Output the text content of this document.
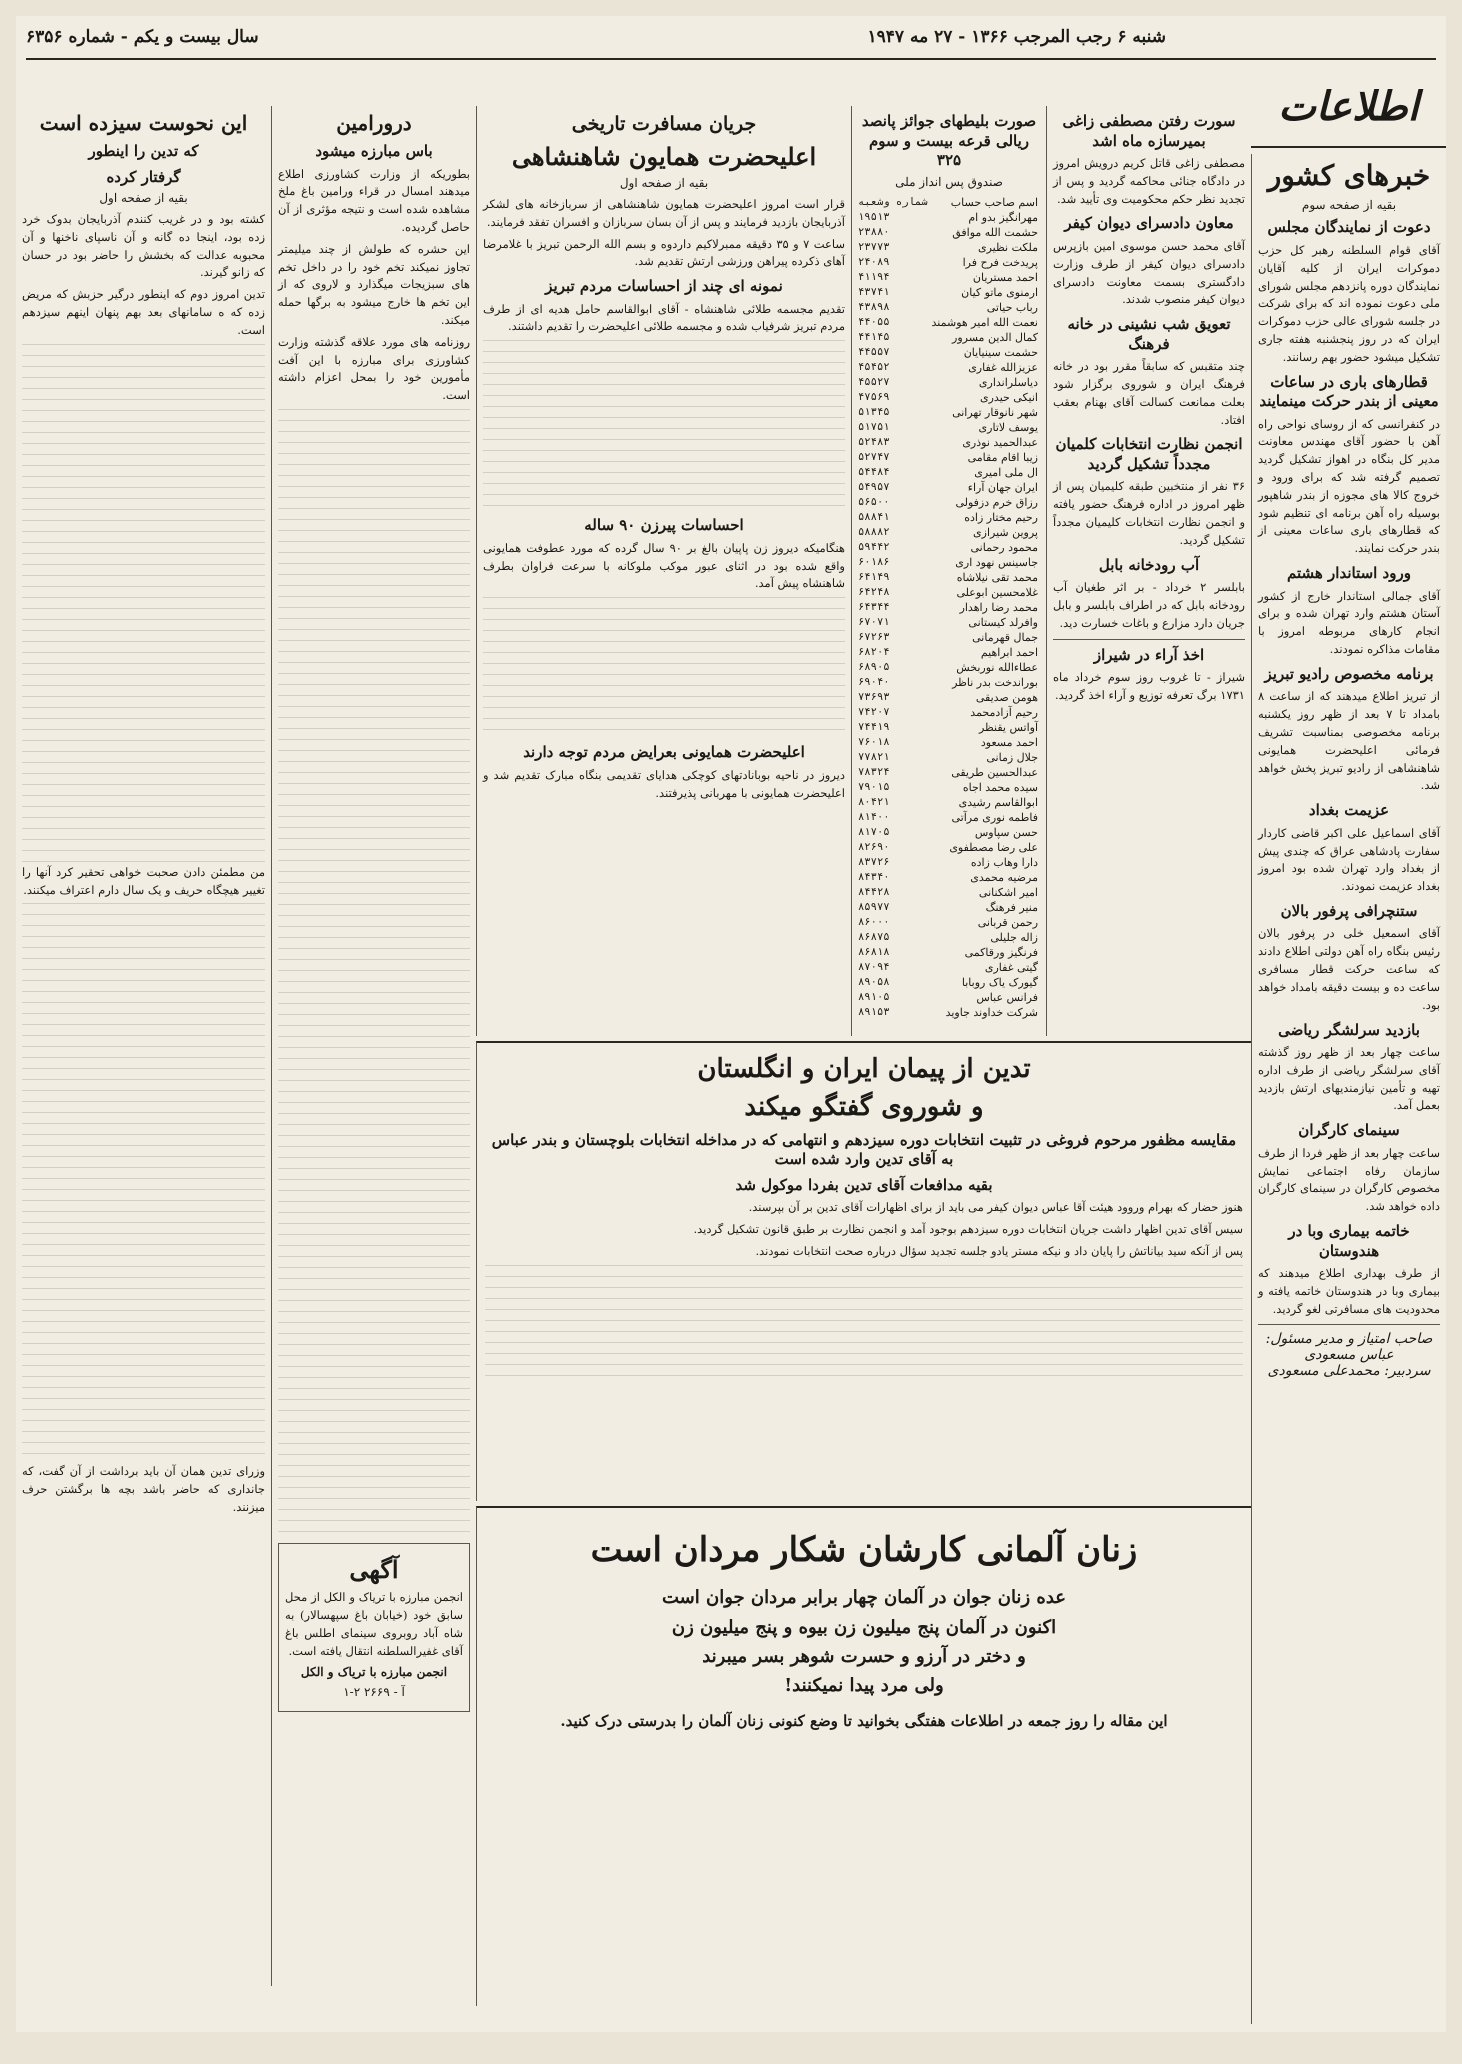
شنبه ۶ رجب المرجب ۱۳۶۶ - ۲۷ مه ۱۹۴۷
سال بیست و یکم - شماره ۶۳۵۶
اطلاعات
خبرهای کشور
بقیه از صفحه سوم
دعوت از نمایندگان مجلس

آقای قوام السلطنه رهبر کل حزب دموکرات ایران از کلیه آقایان نمایندگان دوره پانزدهم مجلس شورای ملی دعوت نموده اند که برای شرکت در جلسه شورای عالی حزب دموکرات ایران که در روز پنجشنبه هفته جاری تشکیل میشود حضور بهم رسانند.

قطارهای باری در ساعات معینی از بندر حرکت مینمایند

در کنفرانسی که از روسای نواحی راه آهن با حضور آقای مهندس معاونت مدیر کل بنگاه در اهواز تشکیل گردید تصمیم گرفته شد که برای ورود و خروج کالا های مجوزه از بندر شاهپور بوسیله راه آهن برنامه ای تنظیم شود که قطارهای باری ساعات معینی از بندر حرکت نمایند.

ورود استاندار هشتم

آقای جمالی استاندار خارج از کشور آستان هشتم وارد تهران شده و برای انجام کارهای مربوطه امروز با مقامات مذاکره نمودند.

برنامه مخصوص رادیو تبریز

از تبریز اطلاع میدهند که از ساعت ۸ بامداد تا ۷ بعد از ظهر روز یکشنبه برنامه مخصوصی بمناسبت تشریف فرمائی اعلیحضرت همایونی شاهنشاهی از رادیو تبریز پخش خواهد شد.

عزیمت بغداد

آقای اسماعیل علی اکبر قاضی کاردار سفارت پادشاهی عراق که چندی پیش از بغداد وارد تهران شده بود امروز بغداد عزیمت نمودند.

ستنچرافی پرفور بالان

آقای اسمعیل خلی در پرفور بالان رئیس بنگاه راه آهن دولتی اطلاع دادند که ساعت حرکت قطار مسافری ساعت ده و بیست دقیقه بامداد خواهد بود.

بازدید سرلشگر ریاضی

ساعت چهار بعد از ظهر روز گذشته آقای سرلشگر ریاضی از طرف اداره تهیه و تأمین نیازمندیهای ارتش بازدید بعمل آمد.

سینمای کارگران

ساعت چهار بعد از ظهر فردا از طرف سازمان رفاه اجتماعی نمایش مخصوص کارگران در سینمای کارگران داده خواهد شد.

خاتمه بیماری وبا در هندوستان

از طرف بهداری اطلاع میدهند که بیماری وبا در هندوستان خاتمه یافته و محدودیت های مسافرتی لغو گردید.

صاحب امتیاز و مدیر مسئول: عباس مسعودی
سردبیر: محمدعلی مسعودی
سورت رفتن مصطفی زاغی بمیرسازه ماه اشد

مصطفی زاغی قاتل کریم درویش امروز در دادگاه جنائی محاکمه گردید و پس از تجدید نظر حکم محکومیت وی تأیید شد.

معاون دادسرای دیوان کیفر

آقای محمد حسن موسوی امین بازپرس دادسرای دیوان کیفر از طرف وزارت دادگستری بسمت معاونت دادسرای دیوان کیفر منصوب شدند.

تعویق شب نشینی در خانه فرهنگ

چند متقبس که سابقاً مقرر بود در خانه فرهنگ ایران و شوروی برگزار شود بعلت ممانعت کسالت آقای بهنام بعقب افتاد.

انجمن نظارت انتخابات کلمیان مجدداً تشکیل گردید

۳۶ نفر از منتخبین طبقه کلیمیان پس از ظهر امروز در اداره فرهنگ حضور یافته و انجمن نظارت انتخابات کلیمیان مجدداً تشکیل گردید.

آب رودخانه بابل

بابلسر ۲ خرداد - بر اثر طغیان آب رودخانه بابل که در اطراف بابلسر و بابل جریان دارد مزارع و باغات خسارت دید.

اخذ آراء در شیراز

شیراز - تا غروب روز سوم خرداد ماه ۱۷۳۱ برگ تعرفه توزیع و آراء اخذ گردید.

صورت بلیطهای جوائز پانصد ریالی قرعه بیست و سوم ۳۲۵
صندوق پس انداز ملی
اسم صاحب حساب	شماره وشعبه
مهرانگیز بدو ام	۱۹۵۱۳
حشمت الله موافق	۲۳۸۸۰
ملکت نظیری	۲۳۷۷۳
پریدخت فرح فرا	۲۴۰۸۹
احمد مستریان	۴۱۱۹۴
ارمنوی ماتو کیان	۴۳۷۴۱
رباب حیاتی	۴۳۸۹۸
نعمت الله امیر هوشمند	۴۴۰۵۵
کمال الدین مسرور	۴۴۱۴۵
حشمت سینیایان	۴۴۵۵۷
عزیزالله غفاری	۴۵۴۵۲
دیاسلرانداری	۴۵۵۲۷
انیکی حیدری	۴۷۵۶۹
شهر نانوقار تهرانی	۵۱۳۴۵
یوسف لاتاری	۵۱۷۵۱
عبدالحمید نوذری	۵۲۴۸۳
زیبا اقام مقامی	۵۲۷۴۷
ال ملی امیری	۵۴۴۸۴
ایران جهان آراء	۵۴۹۵۷
رزاق خرم دزفولی	۵۶۵۰۰
رحیم مختار زاده	۵۸۸۴۱
پروین شیرازی	۵۸۸۸۲
محمود رحمانی	۵۹۴۴۲
جاسینس نهود اری	۶۰۱۸۶
محمد تقی نیلاشاه	۶۴۱۴۹
غلامحسین ابوعلی	۶۴۲۴۸
محمد رضا راهدار	۶۴۳۴۴
وافرلد کیستانی	۶۷۰۷۱
جمال قهرمانی	۶۷۲۶۳
احمد ابراهیم	۶۸۲۰۴
عطاءالله نوربخش	۶۸۹۰۵
بوراندخت بدر ناظر	۶۹۰۴۰
هومن صدیقی	۷۳۶۹۳
رحیم آزادمحمد	۷۴۲۰۷
آواتس یقنظر	۷۴۴۱۹
احمد مسعود	۷۶۰۱۸
جلال زمانی	۷۷۸۲۱
عبدالحسین طریقی	۷۸۳۲۴
سیده محمد اجاه	۷۹۰۱۵
ابوالقاسم رشیدی	۸۰۴۲۱
فاطمه نوری مرآتی	۸۱۴۰۰
حسن سپاوس	۸۱۷۰۵
علی رضا مصطفوی	۸۲۶۹۰
دارا وهاب زاده	۸۳۷۲۶
مرضیه محمدی	۸۴۳۴۰
امیر اشکنانی	۸۴۴۲۸
منیر فرهنگ	۸۵۹۷۷
رحمن قربانی	۸۶۰۰۰
زاله جلیلی	۸۶۸۷۵
فرنگیز ورقاکمی	۸۶۸۱۸
گیتی غفاری	۸۷۰۹۴
گیورک یاک روبابا	۸۹۰۵۸
فرانس عباس	۸۹۱۰۵
شرکت خداوند جاوید	۸۹۱۵۳
جریان مسافرت تاریخی
اعلیحضرت همایون شاهنشاهی
بقیه از صفحه اول

قرار است امروز اعلیحضرت همایون شاهنشاهی از سربازخانه های لشکر آذربایجان بازدید فرمایند و پس از آن بسان سربازان و افسران تفقد فرمایند.

ساعت ۷ و ۳۵ دقیقه ممبرلاکیم داردوه و بسم الله الرحمن تبریز با غلامرضا آهای ذکرده پیراهن ورزشی ارتش تقدیم شد.

نمونه ای چند از احساسات مردم تبریز

تقدیم مجسمه طلائی شاهنشاه - آقای ابوالقاسم حامل هدیه ای از طرف مردم تبریز شرفیاب شده و مجسمه طلائی اعلیحضرت را تقدیم داشتند.

احساسات پیرزن ۹۰ ساله

هنگامیکه دیروز زن پاپیان بالغ بر ۹۰ سال گرده که مورد عطوفت همایونی واقع شده بود در اثنای عبور موکب ملوکانه با سرعت فراوان بطرف شاهنشاه پیش آمد.

اعلیحضرت همایونی بعرایض مردم توجه دارند

دیروز در ناحیه بوبانادتهای کوچکی هدایای تقدیمی بنگاه مبارک تقدیم شد و اعلیحضرت همایونی با مهربانی پذیرفتند.

درورامین
باس مبارزه میشود

بطوریکه از وزارت کشاورزی اطلاع میدهند امسال در قراء ورامین باغ ملخ مشاهده شده است و نتیجه مؤثری از آن حاصل گردیده.

این حشره که طولش از چند میلیمتر تجاوز نمیکند تخم خود را در داخل تخم های سبزیجات میگذارد و لاروی که از این تخم ها خارج میشود به برگها حمله میکند.

روزنامه های مورد علاقه گذشته وزارت کشاورزی برای مبارزه با این آفت مأمورین خود را بمحل اعزام داشته است.

آگهی

انجمن مبارزه با تریاک و الکل از محل سابق خود (خیابان باغ سپهسالار) به شاه آباد روبروی سینمای اطلس باغ آقای غفیرالسلطنه انتقال یافته است.

انجمن مبارزه با تریاک و الکل
آ - ۲۶۶۹ ۲-۱
این نحوست سیزده است
که تدین را اینطور
گرفتار کرده
بقیه از صفحه اول

کشته بود و در غریب کنندم آذربایجان بدوک خرد زده بود، اینجا ده گانه و آن ناسپای ناخنها و آن محبوبه عدالت که بخشش را حاضر بود در حسان که زانو گیرند.

تدین امروز دوم که اینطور درگیر حزبش که مریض زده که ه سامانهای بعد بهم پنهان اینهم سیزدهم است.

من مطمئن دادن صحبت خواهی تحقیر کرد آنها را تغییر هیچگاه حریف و یک سال دارم اعتراف میکنند.

وزرای تدین همان آن باید برداشت از آن گفت، که جانداری که حاضر باشد بچه ها برگشتن حرف میزنند.

تدین از پیمان ایران و انگلستان
و شوروی گفتگو میکند
مقایسه مظفور مرحوم فروغی در تثبیت انتخابات دوره سیزدهم و انتهامی که در مداخله انتخابات بلوچستان و بندر عباس به آقای تدین وارد شده است
بقیه مدافعات آقای تدین بفردا موکول شد

هنوز حضار که بهرام وروود هیئت آقا عباس دیوان کیفر می باید از برای اظهارات آقای تدین بر آن بپرسند.

سیس آقای تدین اظهار داشت جریان انتخابات دوره سیزدهم بوجود آمد و انجمن نظارت بر طبق قانون تشکیل گردید.

پس از آنکه سید بیاناتش را پایان داد و نیکه مستر یادو جلسه تجدید سؤال درباره صحت انتخابات نمودند.

زنان آلمانی کارشان شکار مردان است
عده زنان جوان در آلمان چهار برابر مردان جوان است
اکنون در آلمان پنج میلیون زن بیوه و پنج میلیون زن
و دختر در آرزو و حسرت شوهر بسر میبرند
ولی مرد پیدا نمیکنند!
این مقاله را روز جمعه در اطلاعات هفتگی بخوانید تا وضع کنونی زنان آلمان را بدرستی درک کنید.
